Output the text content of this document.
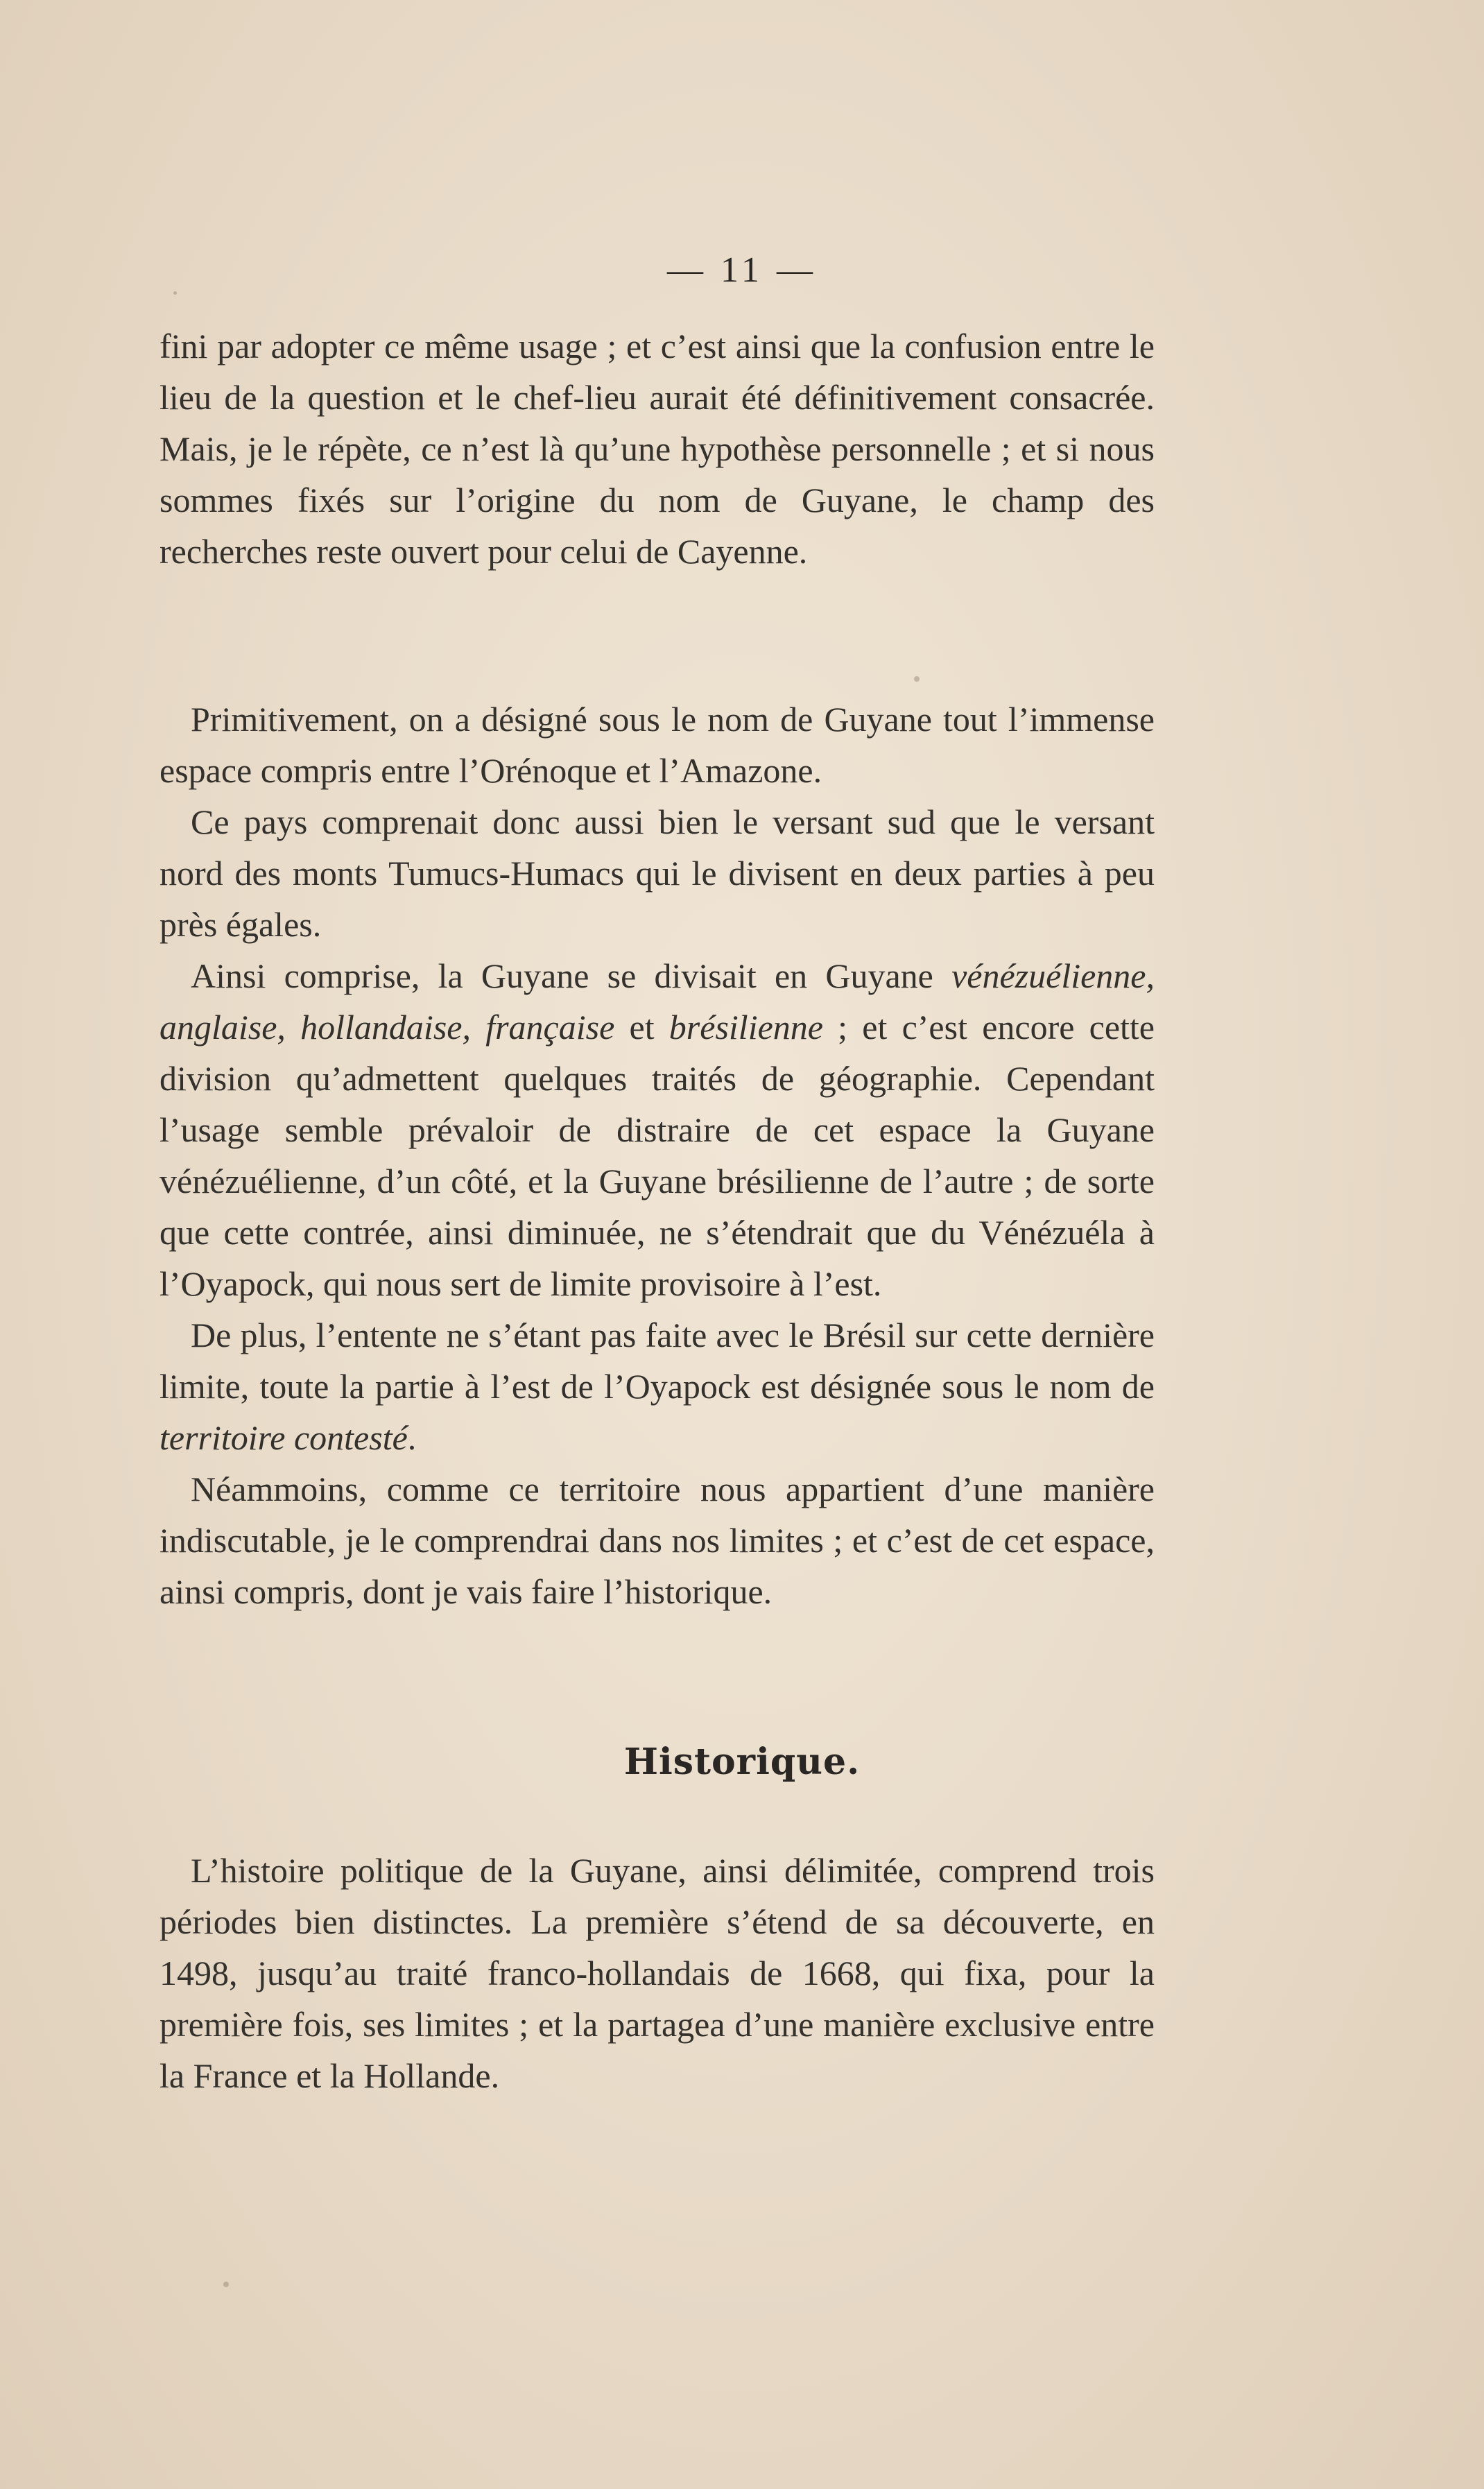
— 11 —

fini par adopter ce même usage ; et c’est ainsi que la confusion entre le lieu de la question et le chef-lieu aurait été définitivement consacrée. Mais, je le répète, ce n’est là qu’une hypothèse personnelle ; et si nous sommes fixés sur l’origine du nom de Guyane, le champ des recherches reste ouvert pour celui de Cayenne.

Primitivement, on a désigné sous le nom de Guyane tout l’immense espace compris entre l’Orénoque et l’Amazone.

Ce pays comprenait donc aussi bien le versant sud que le versant nord des monts Tumucs-Humacs qui le divisent en deux parties à peu près égales.

Ainsi comprise, la Guyane se divisait en Guyane vénézuélienne, anglaise, hollandaise, française et brésilienne ; et c’est encore cette division qu’admettent quelques traités de géographie. Cependant l’usage semble prévaloir de distraire de cet espace la Guyane vénézuélienne, d’un côté, et la Guyane brésilienne de l’autre ; de sorte que cette contrée, ainsi diminuée, ne s’étendrait que du Vénézuéla à l’Oyapock, qui nous sert de limite provisoire à l’est.

De plus, l’entente ne s’étant pas faite avec le Brésil sur cette dernière limite, toute la partie à l’est de l’Oyapock est désignée sous le nom de territoire contesté.

Néammoins, comme ce territoire nous appartient d’une manière indiscutable, je le comprendrai dans nos limites ; et c’est de cet espace, ainsi compris, dont je vais faire l’historique.

Historique.

L’histoire politique de la Guyane, ainsi délimitée, comprend trois périodes bien distinctes. La première s’étend de sa découverte, en 1498, jusqu’au traité franco-hollandais de 1668, qui fixa, pour la première fois, ses limites ; et la partagea d’une manière exclusive entre la France et la Hollande.
